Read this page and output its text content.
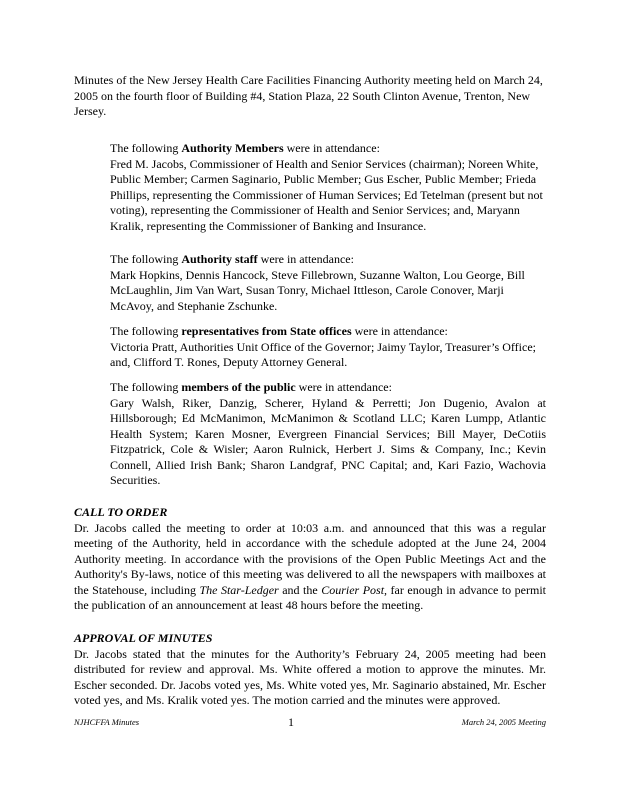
Minutes of the New Jersey Health Care Facilities Financing Authority meeting held on March 24, 2005 on the fourth floor of Building #4, Station Plaza, 22 South Clinton Avenue, Trenton, New Jersey.

The following Authority Members were in attendance:

Fred M. Jacobs, Commissioner of Health and Senior Services (chairman); Noreen White, Public Member; Carmen Saginario, Public Member; Gus Escher, Public Member; Frieda Phillips, representing the Commissioner of Human Services; Ed Tetelman (present but not voting), representing the Commissioner of Health and Senior Services; and, Maryann Kralik, representing the Commissioner of Banking and Insurance.

The following Authority staff were in attendance:

Mark Hopkins, Dennis Hancock, Steve Fillebrown, Suzanne Walton, Lou George, Bill McLaughlin, Jim Van Wart, Susan Tonry, Michael Ittleson, Carole Conover, Marji McAvoy, and Stephanie Zschunke.

The following representatives from State offices were in attendance:

Victoria Pratt, Authorities Unit Office of the Governor; Jaimy Taylor, Treasurer’s Office; and, Clifford T. Rones, Deputy Attorney General.

The following members of the public were in attendance:

Gary Walsh, Riker, Danzig, Scherer, Hyland & Perretti; Jon Dugenio, Avalon at Hillsborough; Ed McManimon, McManimon & Scotland LLC; Karen Lumpp, Atlantic Health System; Karen Mosner, Evergreen Financial Services; Bill Mayer, DeCotiis Fitzpatrick, Cole & Wisler; Aaron Rulnick, Herbert J. Sims & Company, Inc.; Kevin Connell, Allied Irish Bank; Sharon Landgraf, PNC Capital; and, Kari Fazio, Wachovia Securities.

CALL TO ORDER

Dr. Jacobs called the meeting to order at 10:03 a.m. and announced that this was a regular meeting of the Authority, held in accordance with the schedule adopted at the June 24, 2004 Authority meeting. In accordance with the provisions of the Open Public Meetings Act and the Authority's By-laws, notice of this meeting was delivered to all the newspapers with mailboxes at the Statehouse, including The Star-Ledger and the Courier Post, far enough in advance to permit the publication of an announcement at least 48 hours before the meeting.

APPROVAL OF MINUTES

Dr. Jacobs stated that the minutes for the Authority’s February 24, 2005 meeting had been distributed for review and approval. Ms. White offered a motion to approve the minutes. Mr. Escher seconded. Dr. Jacobs voted yes, Ms. White voted yes, Mr. Saginario abstained, Mr. Escher voted yes, and Ms. Kralik voted yes. The motion carried and the minutes were approved.

NJHCFFA Minutes	1	March 24, 2005 Meeting
